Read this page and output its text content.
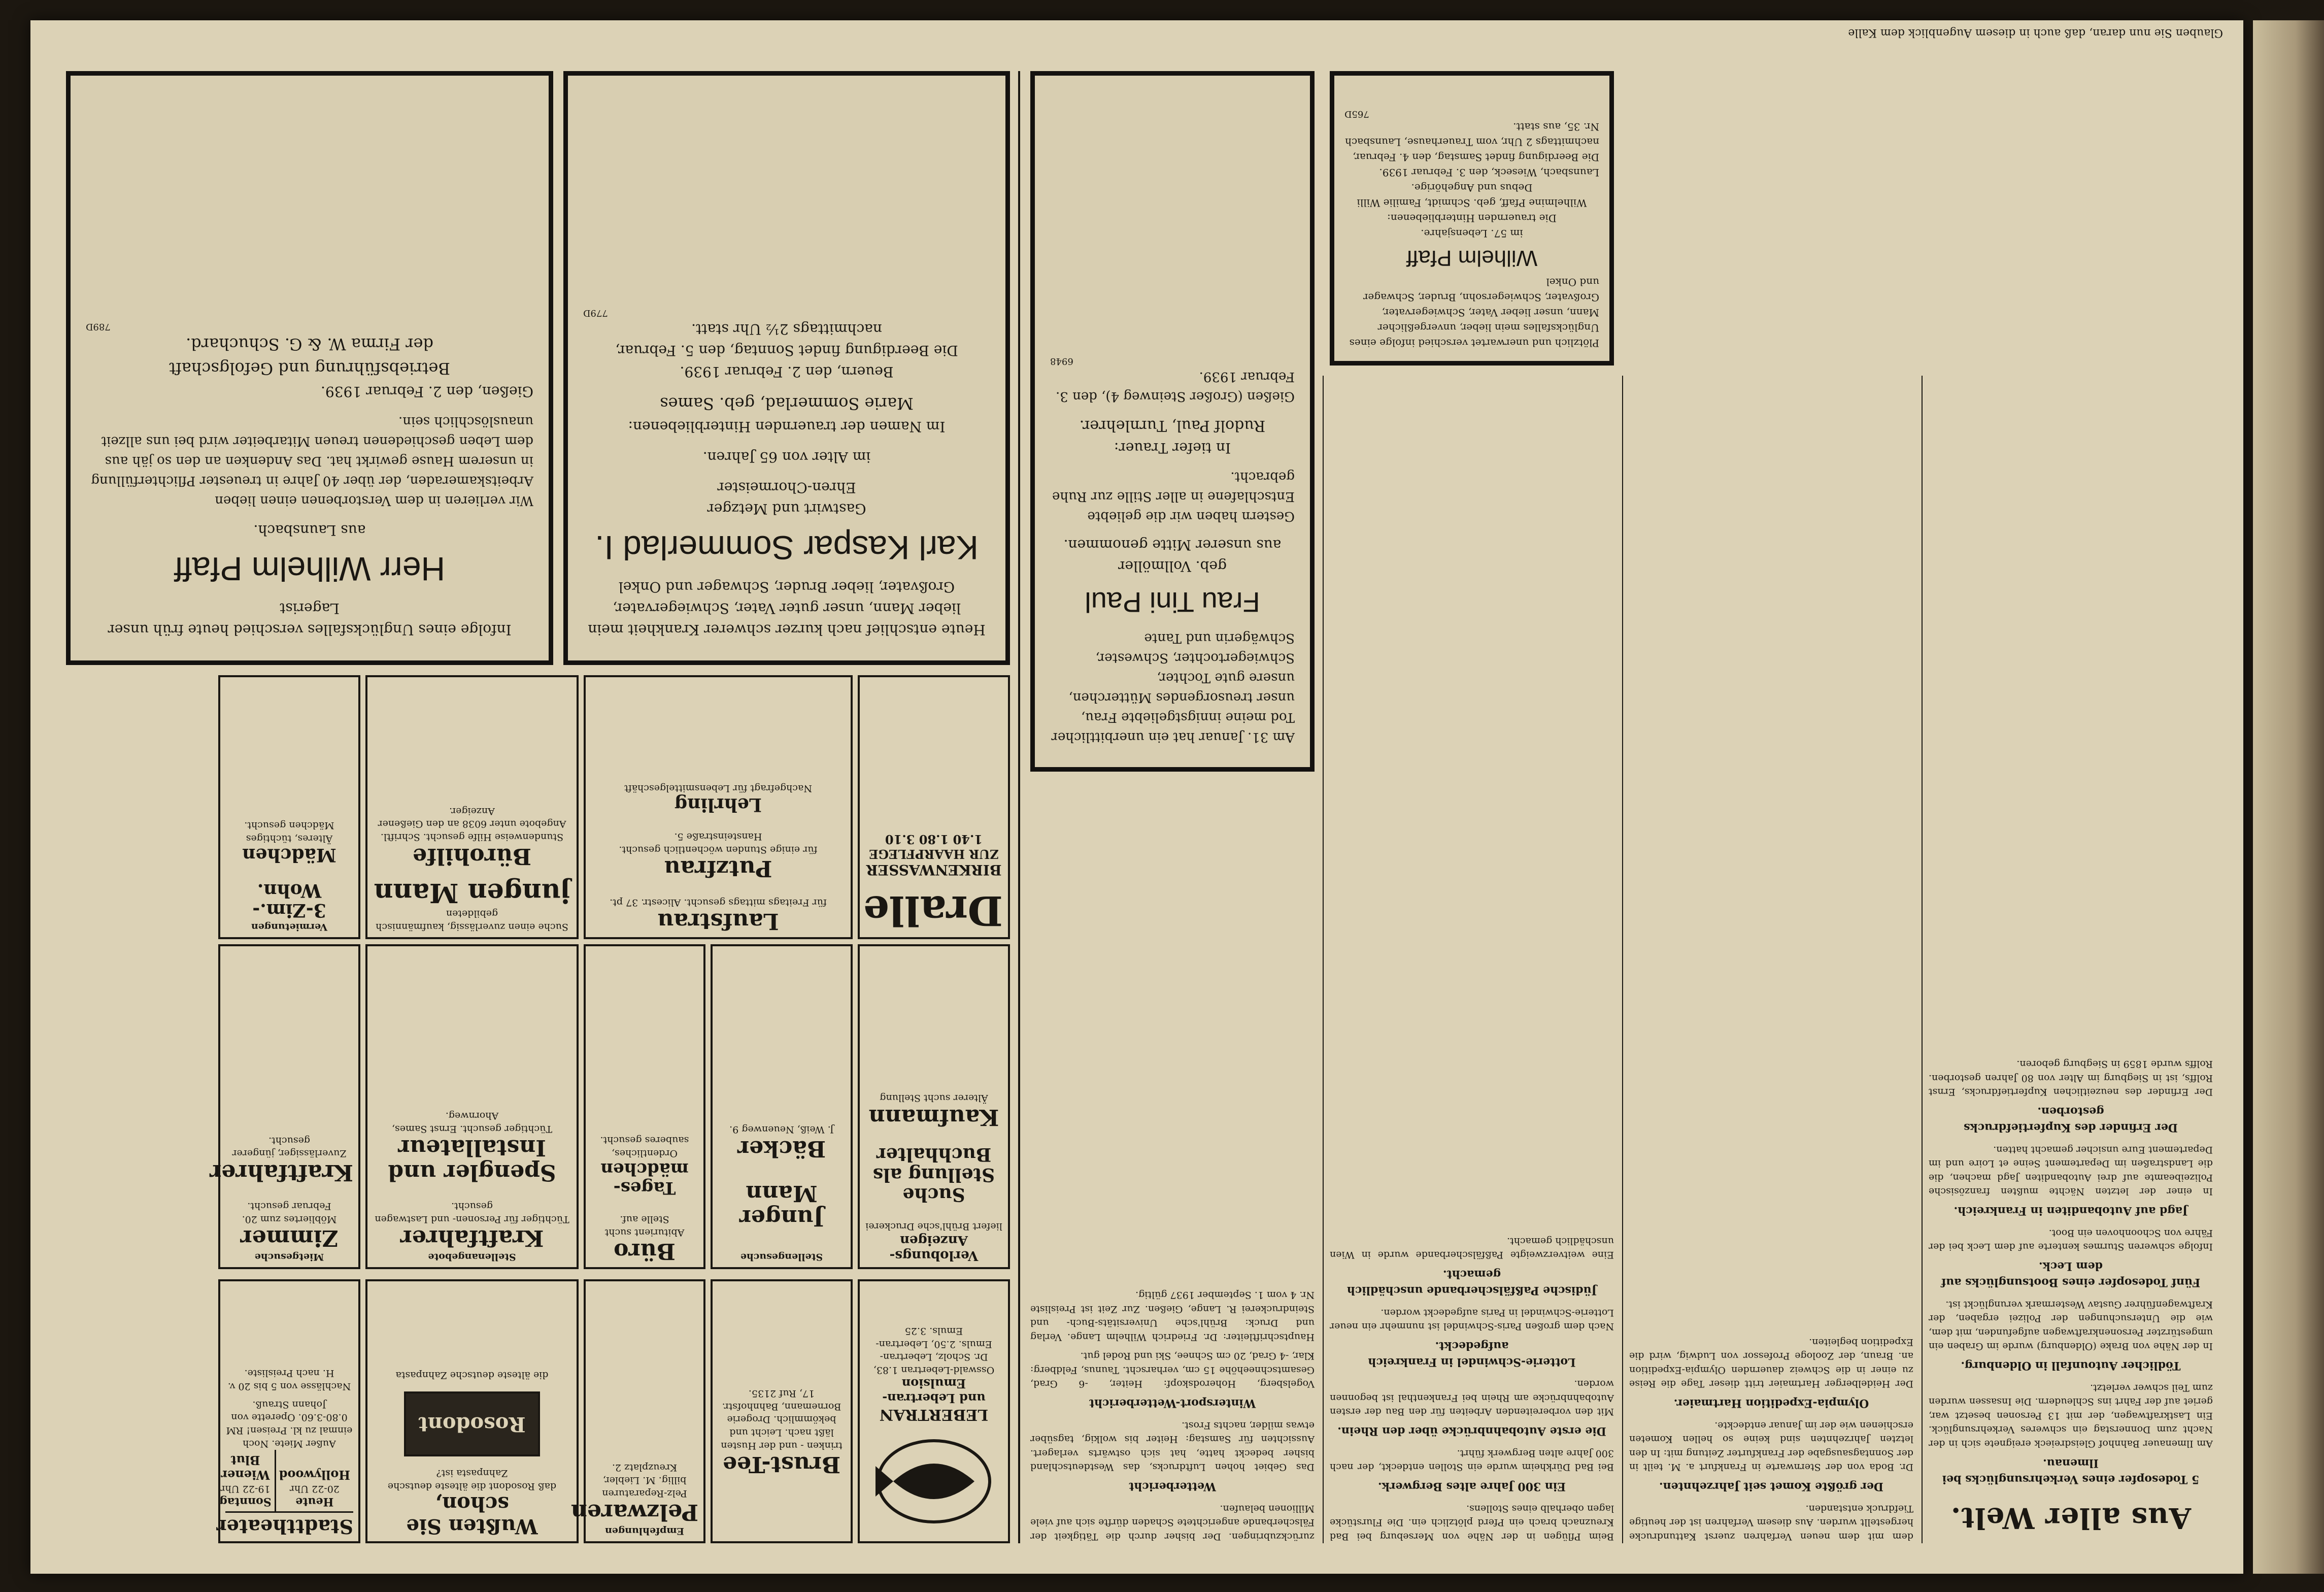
Glauben Sie nun daran, daß auch in diesem Augenblick dem Kalle
Aus aller Welt.
5 Todesopfer eines Verkehrsunglücks bei Ilmenau.

Am Ilmenauer Bahnhof Gleisdreieck ereignete sich in der Nacht zum Donnerstag ein schweres Verkehrsunglück. Ein Lastkraftwagen, der mit 13 Personen besetzt war, geriet auf der Fahrt ins Schleudern. Die Insassen wurden zum Teil schwer verletzt.

Tödlicher Autounfall in Oldenburg.

In der Nähe von Brake (Oldenburg) wurde im Graben ein umgestürzter Personenkraftwagen aufgefunden, mit dem, wie die Untersuchungen der Polizei ergaben, der Kraftwagenführer Gustav Westermark verunglückt ist.

Fünf Todesopfer eines Bootsunglücks auf dem Leck.

Infolge schweren Sturmes kenterte auf dem Leck bei der Fähre von Schoonhoven ein Boot.

Jagd auf Autobanditen in Frankreich.

In einer der letzten Nächte mußten französische Polizeibeamte auf drei Autobanditen Jagd machen, die die Landstraßen im Departement Seine et Loire und im Departement Eure unsicher gemacht hatten.

Der Erfinder des Kupfertiefdrucks gestorben.

Der Erfinder des neuzeitlichen Kupfertiefdrucks, Ernst Rolffs, ist in Siegburg im Alter von 80 Jahren gestorben. Rolffs wurde 1859 in Siegburg geboren.

dem mit dem neuen Verfahren zuerst Kattundrucke hergestellt wurden. Aus diesem Verfahren ist der heutige Tiefdruck entstanden.

Der größte Komet seit Jahrzehnten.

Dr. Boda von der Sternwarte in Frankfurt a. M. teilt in der Sonntagsausgabe der Frankfurter Zeitung mit: In den letzten Jahrzehnten sind keine so hellen Kometen erschienen wie der im Januar entdeckte.

Olympia-Expedition Hartmaier.

Der Heidelberger Hartmaier tritt dieser Tage die Reise zu einer in die Schweiz dauernden Olympia-Expedition an. Braun, der Zoologe Professor von Ludwig, wird die Expedition begleiten.

Beim Pflügen in der Nähe von Merseburg bei Bad Kreuznach brach ein Pferd plötzlich ein. Die Flurstücke lagen oberhalb eines Stollens.

Ein 300 Jahre altes Bergwerk.

Bei Bad Dürkheim wurde ein Stollen entdeckt, der nach 300 Jahre alten Bergwerk führt.

Die erste Autobahnbrücke über den Rhein.

Mit den vorbereitenden Arbeiten für den Bau der ersten Autobahnbrücke am Rhein bei Frankenthal ist begonnen worden.

Lotterie-Schwindel in Frankreich aufgedeckt.

Nach dem großen Paris-Schwindel ist nunmehr ein neuer Lotterie-Schwindel in Paris aufgedeckt worden.

Jüdische Paßfälscherbande unschädlich gemacht.

Eine weitverzweigte Paßfälscherbande wurde in Wien unschädlich gemacht.

zurückzubringen. Der bisher durch die Tätigkeit der Fälscherbande angerichtete Schaden dürfte sich auf viele Millionen belaufen.

Wetterbericht

Das Gebiet hohen Luftdrucks, das Westdeutschland bisher bedeckt hatte, hat sich ostwärts verlagert. Aussichten für Samstag: Heiter bis wolkig, tagsüber etwas milder, nachts Frost.

Wintersport-Wetterbericht

Vogelsberg, Hoherodskopf: Heiter, -6 Grad, Gesamtschneehöhe 15 cm, verharscht. Taunus, Feldberg: Klar, -4 Grad, 20 cm Schnee, Ski und Rodel gut.

Hauptschriftleiter: Dr. Friedrich Wilhelm Lange. Verlag und Druck: Brühl'sche Universitäts-Buch- und Steindruckerei R. Lange, Gießen. Zur Zeit ist Preisliste Nr. 4 vom 1. September 1937 gültig.

LEBERTRAN
und Lebertran-Emulsion
Osswald-Lebertran 1.83, Dr. Scholz, Lebertran-Emuls. 2.50, Lebertran-Emuls. 3.25
Brust-Tee
trinken - und der Husten läßt nach. Leicht und bekömmlich. Drogerie Bornemann, Bahnhofstr. 17, Ruf 2135.
Empfehlungen
Pelzwaren
Pelz-Reparaturen billig. M. Liebler, Kreuzplatz 2.
Wußten Sie schon,
daß Rosodont die älteste deutsche Zahnpasta ist?
Rosodont
die älteste deutsche Zahnpasta
Stadttheater
Heute
20-22 Uhr
Hollywood
Sonntag
19-22 Uhr
Wiener Blut
Außer Miete. Noch einmal zu kl. Preisen! RM 0.80-3.60. Operette von Johann Strauß.
Nachlässe von 5 bis 20 v. H. nach Preisliste.
Verlobungs-Anzeigen
liefert Brühl'sche Druckerei
Suche Stellung als Buchhalter
Kaufmann
Älterer sucht Stellung
Stellengesuche
Junger Mann
Bäcker
J. Weiß, Neuenweg 9.
Büro
Abiturient sucht Stelle auf.
Tages-mädchen
Ordentliches, sauberes gesucht.
Stellenangebote
Kraftfahrer
Tüchtiger für Personen- und Lastwagen gesucht.
Spengler und Installateur
Tüchtiger gesucht. Ernst Sames, Ahornweg.
Mietgesuche
Zimmer
Möbliertes zum 20. Februar gesucht.
Kraftfahrer
Zuverlässiger, jüngerer gesucht.
Suche einen zuverlässig, kaufmännisch gebildeten
jungen Mann
Bürohilfe
Stundenweise Hilfe gesucht. Schriftl. Angebote unter 6038 an den Gießener Anzeiger.
Vermietungen
3-Zim.-Wohn.
Mädchen
Älteres, tüchtiges Mädchen gesucht.
Laufstrau
für Freitags mittags gesucht. Alicestr. 37 pt.
Putzfrau
für einige Stunden wöchentlich gesucht. Hansteinstraße 5.
Lehrling
Nachgefragt für Lebensmittelgeschäft
Dralle
BIRKENWASSER
ZUR HAARPFLEGE
1.40 1.80 3.10
Heute entschlief nach kurzer schwerer Krankheit mein lieber Mann, unser guter Vater, Schwiegervater, Großvater, lieber Bruder, Schwager und Onkel
Karl Kaspar Sommerlad I.
Gastwirt und Metzger
Ehren-Chormeister
im Alter von 65 Jahren.
Im Namen der trauernden Hinterbliebenen:
Marie Sommerlad, geb. Sames
Beuern, den 2. Februar 1939.
Die Beerdigung findet Sonntag, den 5. Februar, nachmittags 2½ Uhr statt.
779D
Infolge eines Unglücksfalles verschied heute früh unser Lagerist
Herr Wilhelm Pfaff
aus Launsbach.
Wir verlieren in dem Verstorbenen einen lieben Arbeitskameraden, der über 40 Jahre in treuester Pflichterfüllung in unserem Hause gewirkt hat. Das Andenken an den so jäh aus dem Leben geschiedenen treuen Mitarbeiter wird bei uns allzeit unauslöschlich sein.
Gießen, den 2. Februar 1939.
Betriebsführung und Gefolgschaft
der Firma W. & G. Schuchard.
789D
Am 31. Januar hat ein unerbittlicher Tod meine innigstgeliebte Frau, unser treusorgendes Mütterchen, unsere gute Tochter, Schwiegertochter, Schwester, Schwägerin und Tante
Frau Tini Paul
geb. Vollmöller
aus unserer Mitte genommen.
Gestern haben wir die geliebte Entschlafene in aller Stille zur Ruhe gebracht.
In tiefer Trauer:
Rudolf Paul, Turnlehrer.
Gießen (Großer Steinweg 4), den 3. Februar 1939.
6948
Plötzlich und unerwartet verschied infolge eines Unglücksfalles mein lieber, unvergeßlicher Mann, unser lieber Vater, Schwiegervater, Großvater, Schwiegersohn, Bruder, Schwager und Onkel
Wilhelm Pfaff
im 57. Lebensjahre.
Die trauernden Hinterbliebenen:
Wilhelmine Pfaff, geb. Schmidt, Familie Willi Debus und Angehörige.
Launsbach, Wieseck, den 3. Februar 1939.
Die Beerdigung findet Samstag, den 4. Februar, nachmittags 2 Uhr, vom Trauerhause, Launsbach Nr. 35, aus statt.
765D
